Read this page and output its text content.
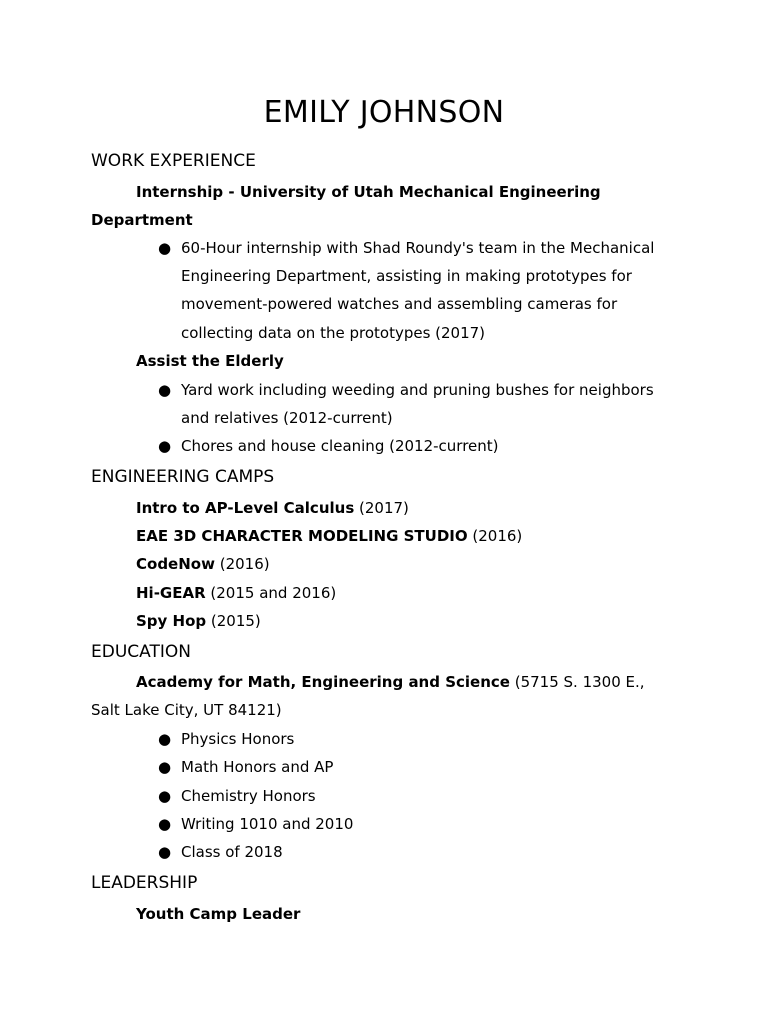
EMILY JOHNSON
WORK EXPERIENCE
Internship - University of Utah Mechanical Engineering
Department
● 60-Hour internship with Shad Roundy's team in the Mechanical
Engineering Department, assisting in making prototypes for
movement-powered watches and assembling cameras for
collecting data on the prototypes (2017)
Assist the Elderly
● Yard work including weeding and pruning bushes for neighbors
and relatives (2012-current)
● Chores and house cleaning (2012-current)
ENGINEERING CAMPS
Intro to AP-Level Calculus (2017)
EAE 3D CHARACTER MODELING STUDIO (2016)
CodeNow (2016)
Hi-GEAR (2015 and 2016)
Spy Hop (2015)
EDUCATION
Academy for Math, Engineering and Science (5715 S. 1300 E.,
Salt Lake City, UT 84121)
● Physics Honors
● Math Honors and AP
● Chemistry Honors
● Writing 1010 and 2010
● Class of 2018
LEADERSHIP
Youth Camp Leader
